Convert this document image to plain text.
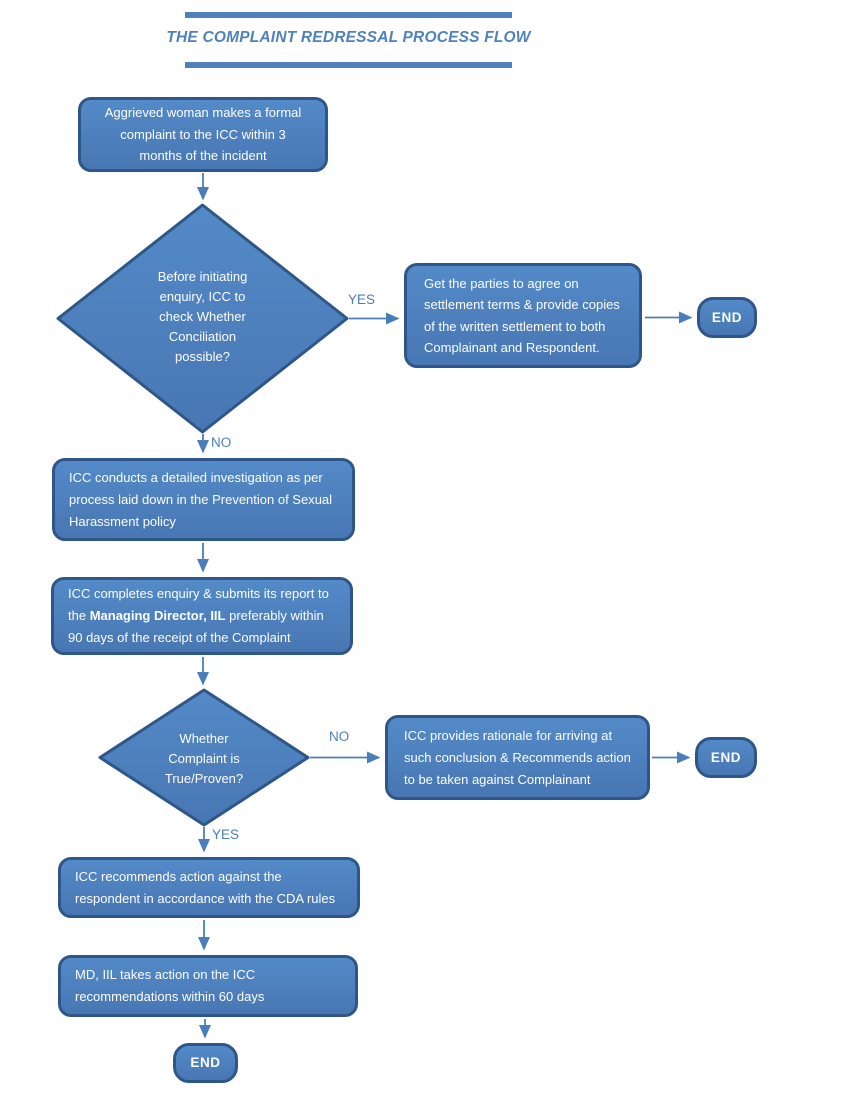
THE COMPLAINT REDRESSAL PROCESS FLOW
Aggrieved woman makes a formal
complaint to the ICC within 3
months of the incident
Before initiating
enquiry, ICC to
check Whether
Conciliation
possible?
YES
Get the parties to agree on
settlement terms & provide copies
of the written settlement to both
Complainant and Respondent.
END
NO
ICC conducts a detailed investigation as per
process laid down in the Prevention of Sexual
Harassment policy
ICC completes enquiry & submits its report to
the Managing Director, IIL preferably within
90 days of the receipt of the Complaint
Whether
Complaint is
True/Proven?
NO	ICC provides rationale for arriving at
such conclusion & Recommends action
to be taken against Complainant
END
YES
ICC recommends action against the
respondent in accordance with the CDA rules
MD, IIL takes action on the ICC
recommendations within 60 days
END
